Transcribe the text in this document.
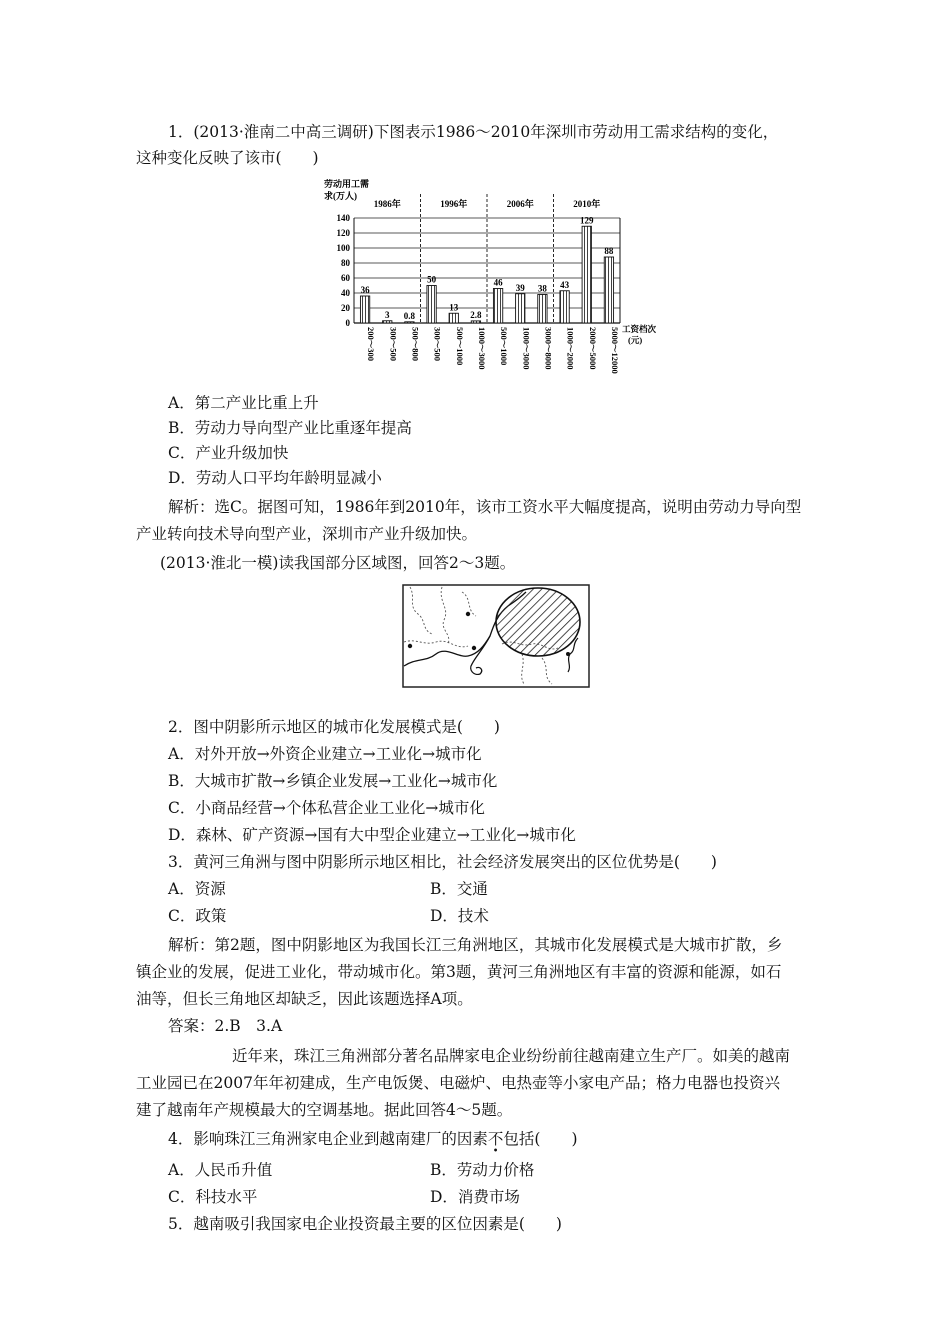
1．(2013·淮南二中高三调研)下图表示1986～2010年深圳市劳动用工需求结构的变化，
这种变化反映了该市(　　)
劳动用工需
求(万人)
0
20
40
60
80
100
120
140
1986年
36
200～300
3
300～500
0.8
500～800
1996年
50
300～500
13
500～1000
2.8
1000～3000
2006年
46
500～1000
39
1000～3000
38
3000～8000
2010年
43
1000～2000
129
2000～5000
88
5000～12000 工资档次
(元)
A．第二产业比重上升
B．劳动力导向型产业比重逐年提高
C．产业升级加快
D．劳动人口平均年龄明显减小
解析：选C。据图可知，1986年到2010年，该市工资水平大幅度提高，说明由劳动力导向型
产业转向技术导向型产业，深圳市产业升级加快。
(2013·淮北一模)读我国部分区域图，回答2～3题。
2．图中阴影所示地区的城市化发展模式是(　　)
A．对外开放→外资企业建立→工业化→城市化
B．大城市扩散→乡镇企业发展→工业化→城市化
C．小商品经营→个体私营企业工业化→城市化
D．森林、矿产资源→国有大中型企业建立→工业化→城市化
3．黄河三角洲与图中阴影所示地区相比，社会经济发展突出的区位优势是(　　)
A．资源	B．交通
C．政策	D．技术
解析：第2题，图中阴影地区为我国长江三角洲地区，其城市化发展模式是大城市扩散，乡
镇企业的发展，促进工业化，带动城市化。第3题，黄河三角洲地区有丰富的资源和能源，如石
油等，但长三角地区却缺乏，因此该题选择A项。
答案：2.B　3.A
近年来，珠江三角洲部分著名品牌家电企业纷纷前往越南建立生产厂。如美的越南
工业园已在2007年年初建成，生产电饭煲、电磁炉、电热壶等小家电产品；格力电器也投资兴
建了越南年产规模最大的空调基地。据此回答4～5题。
4．影响珠江三角洲家电企业到越南建厂的因素不包括(　　)
A．人民币升值	B．劳动力价格
C．科技水平	D．消费市场
5．越南吸引我国家电企业投资最主要的区位因素是(　　)
